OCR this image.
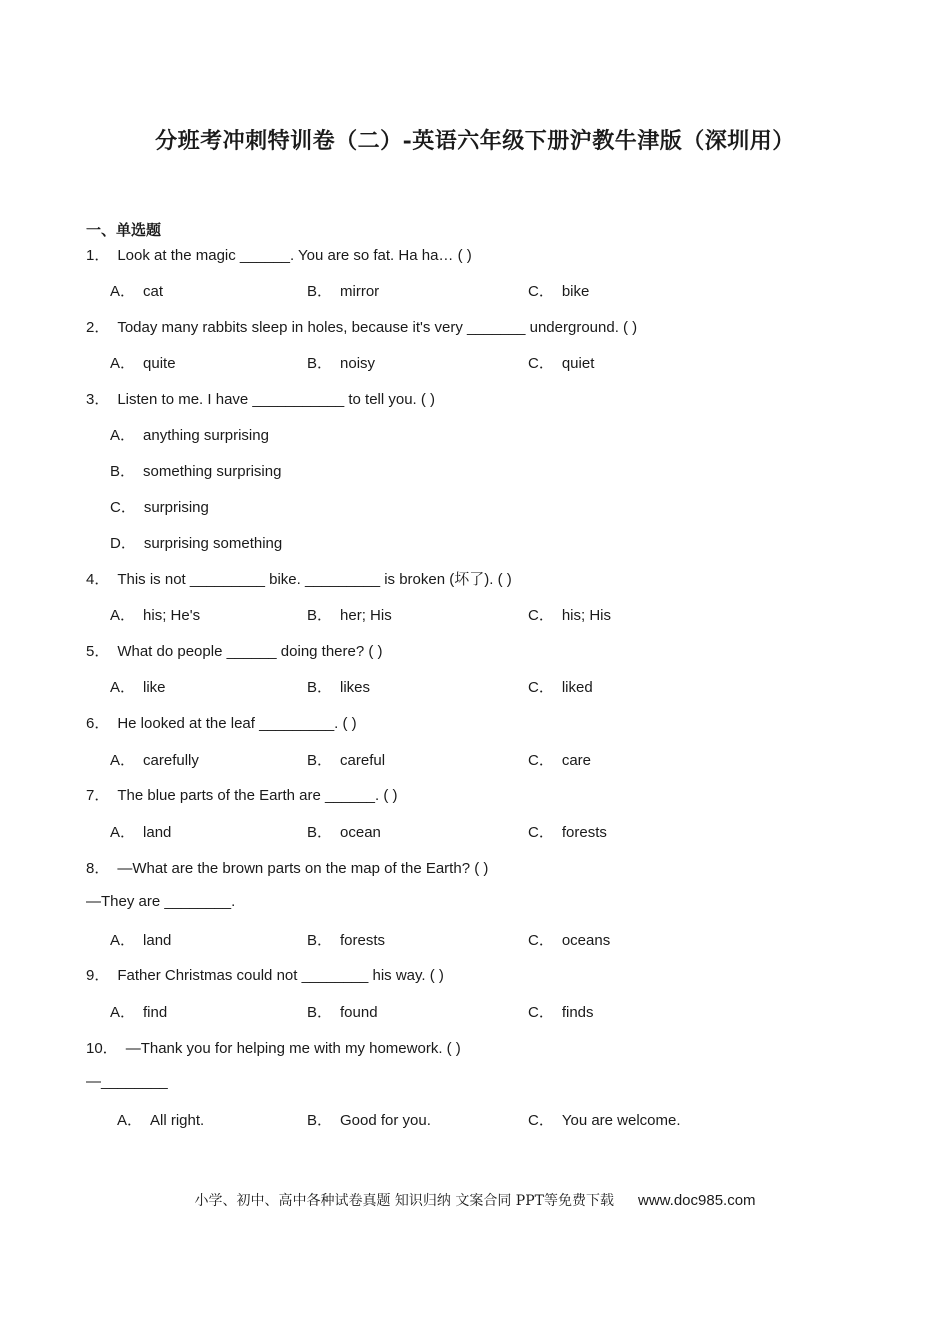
分班考冲刺特训卷（二）-英语六年级下册沪教牛津版（深圳用）
一、单选题
1． Look at the magic ______. You are so fat. Ha ha… ( )
A． cat	B． mirror	C． bike
2． Today many rabbits sleep in holes, because it's very _______ underground. ( )
A． quite	B． noisy	C． quiet
3． Listen to me. I have ___________ to tell you. ( )
A． anything surprising
B． something surprising
C． surprising
D． surprising something
4． This is not _________ bike. _________ is broken (坏了). ( )
A． his; He's	B． her; His	C． his; His
5． What do people ______ doing there? ( )
A． like	B． likes	C． liked
6． He looked at the leaf _________. ( )
A． carefully	B． careful	C． care
7． The blue parts of the Earth are ______. ( )
A． land	B． ocean	C． forests
8． —What are the brown parts on the map of the Earth? ( )
—They are ________.
A． land	B． forests	C． oceans
9． Father Christmas could not ________ his way. ( )
A． find	B． found	C． finds
10． —Thank you for helping me with my homework. ( )
—________
A． All right.	B． Good for you.	C． You are welcome.
小学、初中、高中各种试卷真题 知识归纳 文案合同 PPT等免费下载 www.doc985.com
